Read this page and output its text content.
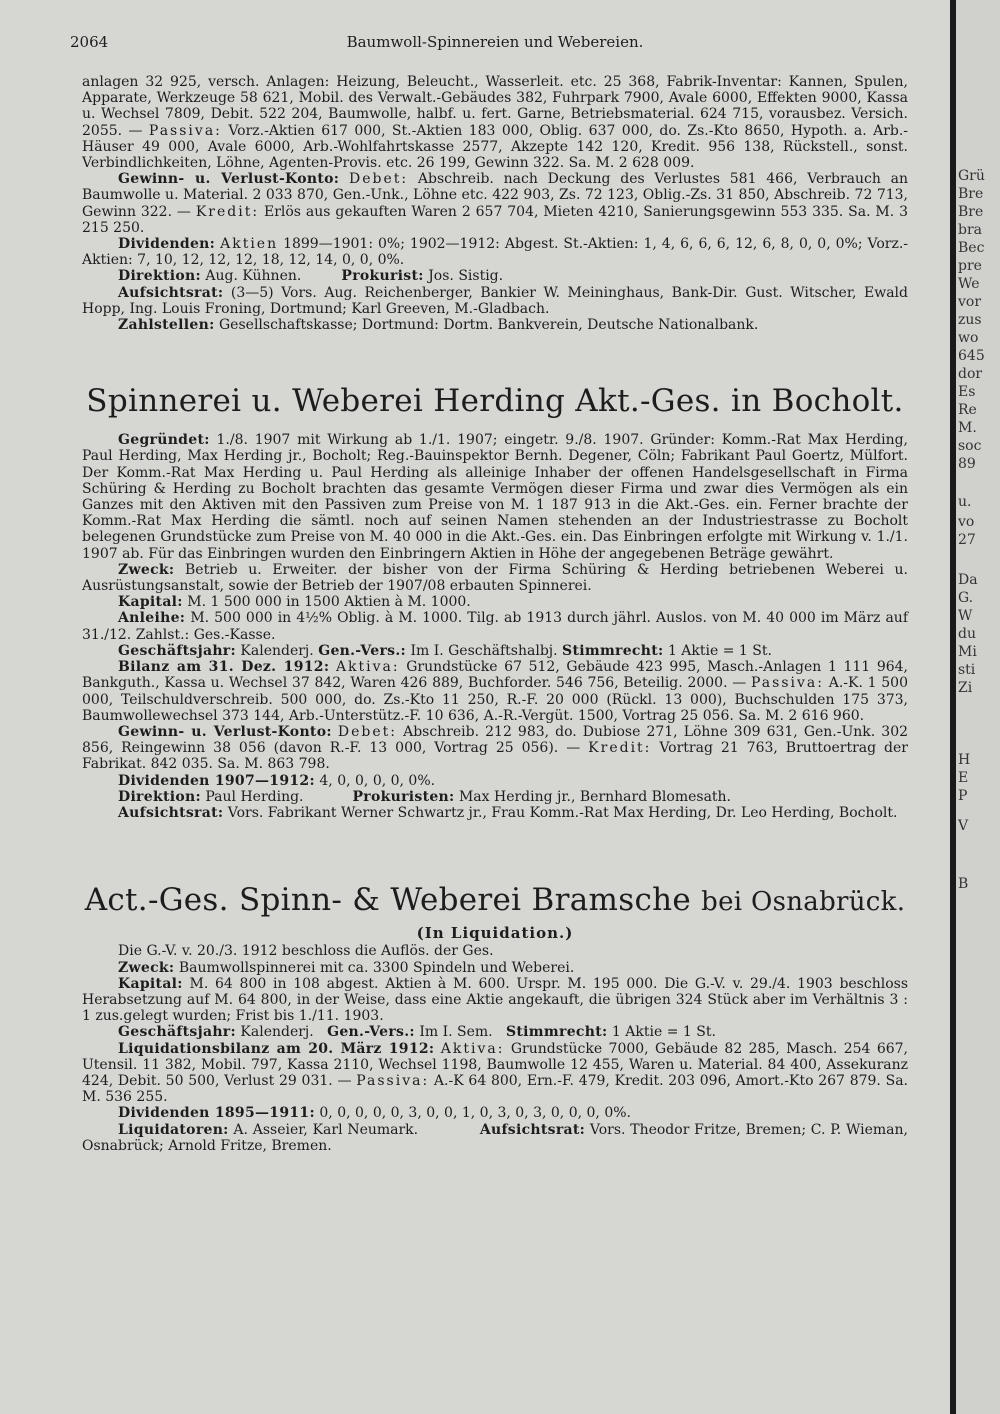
2064	Baumwoll-Spinnereien und Webereien.

anlagen 32 925, versch. Anlagen: Heizung, Beleucht., Wasserleit. etc. 25 368, Fabrik-Inventar: Kannen, Spulen, Apparate, Werkzeuge 58 621, Mobil. des Verwalt.-Gebäudes 382, Fuhrpark 7900, Avale 6000, Effekten 9000, Kassa u. Wechsel 7809, Debit. 522 204, Baumwolle, halbf. u. fert. Garne, Betriebsmaterial. 624 715, vorausbez. Versich. 2055. — Passiva: Vorz.-Aktien 617 000, St.-Aktien 183 000, Oblig. 637 000, do. Zs.-Kto 8650, Hypoth. a. Arb.-Häuser 49 000, Avale 6000, Arb.-Wohlfahrtskasse 2577, Akzepte 142 120, Kredit. 956 138, Rückstell., sonst. Verbindlichkeiten, Löhne, Agenten-Provis. etc. 26 199, Gewinn 322. Sa. M. 2 628 009.

Gewinn- u. Verlust-Konto: Debet: Abschreib. nach Deckung des Verlustes 581 466, Verbrauch an Baumwolle u. Material. 2 033 870, Gen.-Unk., Löhne etc. 422 903, Zs. 72 123, Oblig.-Zs. 31 850, Abschreib. 72 713, Gewinn 322. — Kredit: Erlös aus gekauften Waren 2 657 704, Mieten 4210, Sanierungsgewinn 553 335. Sa. M. 3 215 250.

Dividenden: Aktien 1899—1901: 0%; 1902—1912: Abgest. St.-Aktien: 1, 4, 6, 6, 6, 12, 6, 8, 0, 0, 0%; Vorz.-Aktien: 7, 10, 12, 12, 12, 18, 12, 14, 0, 0, 0%.

Direktion: Aug. Kühnen.	Prokurist: Jos. Sistig.

Aufsichtsrat: (3—5) Vors. Aug. Reichenberger, Bankier W. Meininghaus, Bank-Dir. Gust. Witscher, Ewald Hopp, Ing. Louis Froning, Dortmund; Karl Greeven, M.-Gladbach.

Zahlstellen: Gesellschaftskasse; Dortmund: Dortm. Bankverein, Deutsche Nationalbank.

Spinnerei u. Weberei Herding Akt.-Ges. in Bocholt.

Gegründet: 1./8. 1907 mit Wirkung ab 1./1. 1907; eingetr. 9./8. 1907. Gründer: Komm.-Rat Max Herding, Paul Herding, Max Herding jr., Bocholt; Reg.-Bauinspektor Bernh. Degener, Cöln; Fabrikant Paul Goertz, Mülfort. Der Komm.-Rat Max Herding u. Paul Herding als alleinige Inhaber der offenen Handelsgesellschaft in Firma Schüring & Herding zu Bocholt brachten das gesamte Vermögen dieser Firma und zwar dies Vermögen als ein Ganzes mit den Aktiven mit den Passiven zum Preise von M. 1 187 913 in die Akt.-Ges. ein. Ferner brachte der Komm.-Rat Max Herding die sämtl. noch auf seinen Namen stehenden an der Industriestrasse zu Bocholt belegenen Grundstücke zum Preise von M. 40 000 in die Akt.-Ges. ein. Das Einbringen erfolgte mit Wirkung v. 1./1. 1907 ab. Für das Einbringen wurden den Einbringern Aktien in Höhe der angegebenen Beträge gewährt.

Zweck: Betrieb u. Erweiter. der bisher von der Firma Schüring & Herding betriebenen Weberei u. Ausrüstungsanstalt, sowie der Betrieb der 1907/08 erbauten Spinnerei.

Kapital: M. 1 500 000 in 1500 Aktien à M. 1000.

Anleihe: M. 500 000 in 4½% Oblig. à M. 1000. Tilg. ab 1913 durch jährl. Auslos. von M. 40 000 im März auf 31./12. Zahlst.: Ges.-Kasse.

Geschäftsjahr: Kalenderj. Gen.-Vers.: Im I. Geschäftshalbj. Stimmrecht: 1 Aktie = 1 St.

Bilanz am 31. Dez. 1912: Aktiva: Grundstücke 67 512, Gebäude 423 995, Masch.-Anlagen 1 111 964, Bankguth., Kassa u. Wechsel 37 842, Waren 426 889, Buchforder. 546 756, Beteilig. 2000. — Passiva: A.-K. 1 500 000, Teilschuldverschreib. 500 000, do. Zs.-Kto 11 250, R.-F. 20 000 (Rückl. 13 000), Buchschulden 175 373, Baumwollewechsel 373 144, Arb.-Unterstütz.-F. 10 636, A.-R.-Vergüt. 1500, Vortrag 25 056. Sa. M. 2 616 960.

Gewinn- u. Verlust-Konto: Debet: Abschreib. 212 983, do. Dubiose 271, Löhne 309 631, Gen.-Unk. 302 856, Reingewinn 38 056 (davon R.-F. 13 000, Vortrag 25 056). — Kredit: Vortrag 21 763, Bruttoertrag der Fabrikat. 842 035. Sa. M. 863 798.

Dividenden 1907—1912: 4, 0, 0, 0, 0, 0%.

Direktion: Paul Herding.	Prokuristen: Max Herding jr., Bernhard Blomesath.

Aufsichtsrat: Vors. Fabrikant Werner Schwartz jr., Frau Komm.-Rat Max Herding, Dr. Leo Herding, Bocholt.

Act.-Ges. Spinn- & Weberei Bramsche bei Osnabrück.
(In Liquidation.)

Die G.-V. v. 20./3. 1912 beschloss die Auflös. der Ges.

Zweck: Baumwollspinnerei mit ca. 3300 Spindeln und Weberei.

Kapital: M. 64 800 in 108 abgest. Aktien à M. 600. Urspr. M. 195 000. Die G.-V. v. 29./4. 1903 beschloss Herabsetzung auf M. 64 800, in der Weise, dass eine Aktie angekauft, die übrigen 324 Stück aber im Verhältnis 3 : 1 zus.gelegt wurden; Frist bis 1./11. 1903.

Geschäftsjahr: Kalenderj. Gen.-Vers.: Im I. Sem. Stimmrecht: 1 Aktie = 1 St.

Liquidationsbilanz am 20. März 1912: Aktiva: Grundstücke 7000, Gebäude 82 285, Masch. 254 667, Utensil. 11 382, Mobil. 797, Kassa 2110, Wechsel 1198, Baumwolle 12 455, Waren u. Material. 84 400, Assekuranz 424, Debit. 50 500, Verlust 29 031. — Passiva: A.-K 64 800, Ern.-F. 479, Kredit. 203 096, Amort.-Kto 267 879. Sa. M. 536 255.

Dividenden 1895—1911: 0, 0, 0, 0, 0, 3, 0, 0, 1, 0, 3, 0, 3, 0, 0, 0, 0%.

Liquidatoren: A. Asseier, Karl Neumark.	Aufsichtsrat: Vors. Theodor Fritze, Bremen; C. P. Wieman, Osnabrück; Arnold Fritze, Bremen.

Grü
Bre
Bre
bra
Bec
pre
We
vor
zus
wo
645
dor
Es
Re
M.
soc
89
u.
vo
27
Da
G.
W
du
Mi
sti
Zi
H
E
P
V
B
